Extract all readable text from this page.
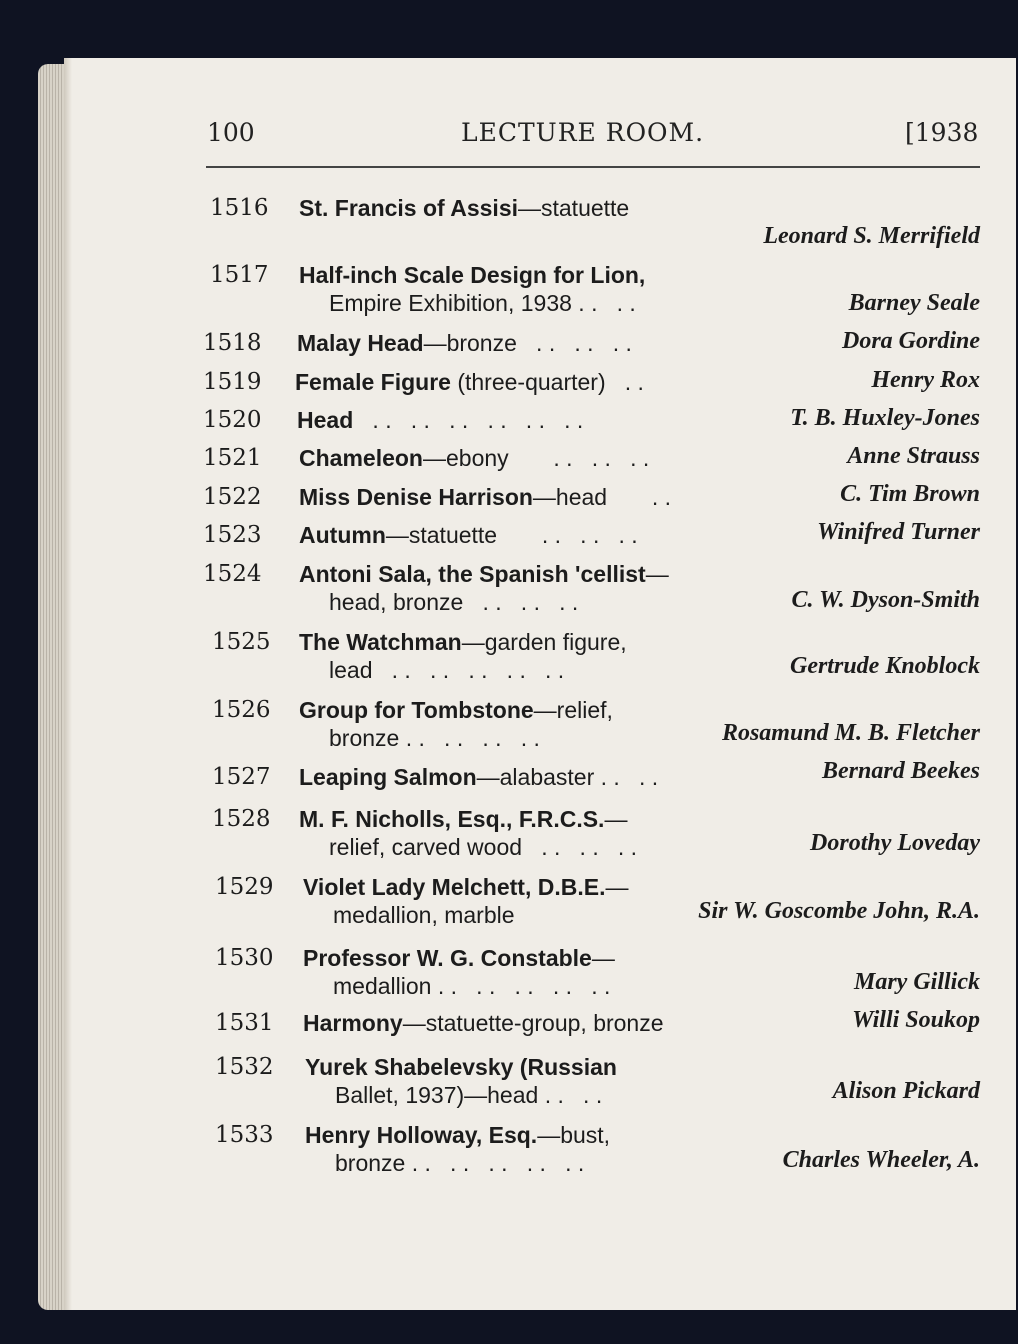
100	LECTURE ROOM.	[1938
1516 St. Francis of Assisi—statuette
Leonard S. Merrifield
1517 Half-inch Scale Design for Lion,
Empire Exhibition, 1938 . .   . .	Barney Seale
1518 Malay Head—bronze   . .   . .   . .	Dora Gordine
1519 Female Figure (three-quarter)   . .	Henry Rox
1520 Head   . .   . .   . .   . .   . .   . .	T. B. Huxley-Jones
1521 Chameleon—ebony       . .   . .   . .	Anne Strauss
1522 Miss Denise Harrison—head       . .	C. Tim Brown
1523 Autumn—statuette       . .   . .   . .	Winifred Turner
1524 Antoni Sala, the Spanish 'cellist—
head, bronze   . .   . .   . .	C. W. Dyson-Smith
1525 The Watchman—garden figure,
lead   . .   . .   . .   . .   . .	Gertrude Knoblock
1526 Group for Tombstone—relief,
bronze . .   . .   . .   . .	Rosamund M. B. Fletcher
1527 Leaping Salmon—alabaster . .   . .	Bernard Beekes
1528 M. F. Nicholls, Esq., F.R.C.S.—
relief, carved wood   . .   . .   . .	Dorothy Loveday
1529 Violet Lady Melchett, D.B.E.—
medallion, marble	Sir W. Goscombe John, R.A.
1530 Professor W. G. Constable—
medallion . .   . .   . .   . .   . .	Mary Gillick
1531 Harmony—statuette-group, bronze	Willi Soukop
1532 Yurek Shabelevsky (Russian
Ballet, 1937)—head . .   . .	Alison Pickard
1533 Henry Holloway, Esq.—bust,
bronze . .   . .   . .   . .   . .	Charles Wheeler, A.
